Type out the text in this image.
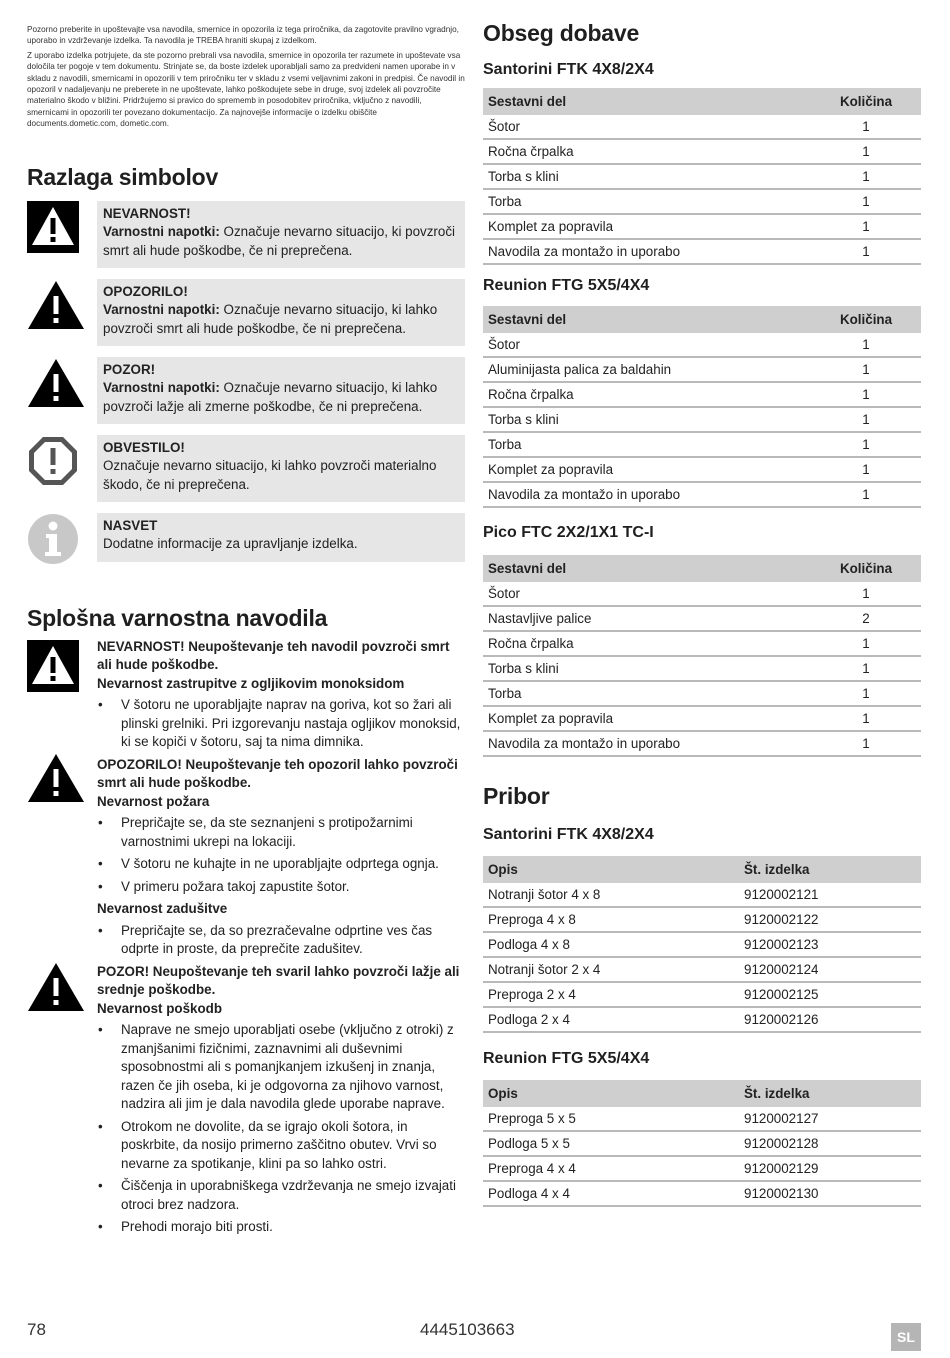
Pozorno preberite in upoštevajte vsa navodila, smernice in opozorila iz tega priročnika, da zagotovite pravilno vgradnjo, uporabo in vzdrževanje izdelka. Ta navodila je TREBA hraniti skupaj z izdelkom.

Z uporabo izdelka potrjujete, da ste pozorno prebrali vsa navodila, smernice in opozorila ter razumete in upoštevate vsa določila ter pogoje v tem dokumentu. Strinjate se, da boste izdelek uporabljali samo za predvideni namen uporabe in v skladu z navodili, smernicami in opozorili v tem priročniku ter v skladu z vsemi veljavnimi zakoni in predpisi. Če navodil in opozoril v nadaljevanju ne preberete in ne upoštevate, lahko poškodujete sebe in druge, svoj izdelek ali povzročite materialno škodo v bližini. Pridržujemo si pravico do sprememb in posodobitev priročnika, vključno z navodili, smernicami in opozorili ter povezano dokumentacijo. Za najnovejše informacije o izdelku obiščite documents.dometic.com, dometic.com.

Razlaga simbolov
NEVARNOST!
Varnostni napotki: Označuje nevarno situacijo, ki povzroči smrt ali hude poškodbe, če ni preprečena.
OPOZORILO!
Varnostni napotki: Označuje nevarno situacijo, ki lahko povzroči smrt ali hude poškodbe, če ni preprečena.
POZOR!
Varnostni napotki: Označuje nevarno situacijo, ki lahko povzroči lažje ali zmerne poškodbe, če ni preprečena.
OBVESTILO!
Označuje nevarno situacijo, ki lahko povzroči materialno škodo, če ni preprečena.
NASVET
Dodatne informacije za upravljanje izdelka.
Splošna varnostna navodila
NEVARNOST! Neupoštevanje teh navodil povzroči smrt ali hude poškodbe.
Nevarnost zastrupitve z ogljikovim monoksidom
• V šotoru ne uporabljajte naprav na goriva, kot so žari ali plinski grelniki. Pri izgorevanju nastaja ogljikov monoksid, ki se kopiči v šotoru, saj ta nima dimnika.
OPOZORILO! Neupoštevanje teh opozoril lahko povzroči smrt ali hude poškodbe.
Nevarnost požara
• Prepričajte se, da ste seznanjeni s protipožarnimi varnostnimi ukrepi na lokaciji.
• V šotoru ne kuhajte in ne uporabljajte odprtega ognja.
• V primeru požara takoj zapustite šotor.
Nevarnost zadušitve
• Prepričajte se, da so prezračevalne odprtine ves čas odprte in proste, da preprečite zadušitev.
POZOR! Neupoštevanje teh svaril lahko povzroči lažje ali srednje poškodbe.
Nevarnost poškodb
• Naprave ne smejo uporabljati osebe (vključno z otroki) z zmanjšanimi fizičnimi, zaznavnimi ali duševnimi sposobnostmi ali s pomanjkanjem izkušenj in znanja, razen če jih oseba, ki je odgovorna za njihovo varnost, nadzira ali jim je dala navodila glede uporabe naprave.
• Otrokom ne dovolite, da se igrajo okoli šotora, in poskrbite, da nosijo primerno zaščitno obutev. Vrvi so nevarne za spotikanje, klini pa so lahko ostri.
• Čiščenja in uporabniškega vzdrževanja ne smejo izvajati otroci brez nadzora.
• Prehodi morajo biti prosti.
Obseg dobave
Santorini FTK 4X8/2X4
Sestavni del	Količina
Šotor	1
Ročna črpalka	1
Torba s klini	1
Torba	1
Komplet za popravila	1
Navodila za montažo in uporabo	1
Reunion FTG 5X5/4X4
Sestavni del	Količina
Šotor	1
Aluminijasta palica za baldahin	1
Ročna črpalka	1
Torba s klini	1
Torba	1
Komplet za popravila	1
Navodila za montažo in uporabo	1
Pico FTC 2X2/1X1 TC-I
Sestavni del	Količina
Šotor	1
Nastavljive palice	2
Ročna črpalka	1
Torba s klini	1
Torba	1
Komplet za popravila	1
Navodila za montažo in uporabo	1
Pribor
Santorini FTK 4X8/2X4
Opis	Št. izdelka
Notranji šotor 4 x 8	9120002121
Preproga 4 x 8	9120002122
Podloga 4 x 8	9120002123
Notranji šotor 2 x 4	9120002124
Preproga 2 x 4	9120002125
Podloga 2 x 4	9120002126
Reunion FTG 5X5/4X4
Opis	Št. izdelka
Preproga 5 x 5	9120002127
Podloga 5 x 5	9120002128
Preproga 4 x 4	9120002129
Podloga 4 x 4	9120002130
78	4445103663	SL
